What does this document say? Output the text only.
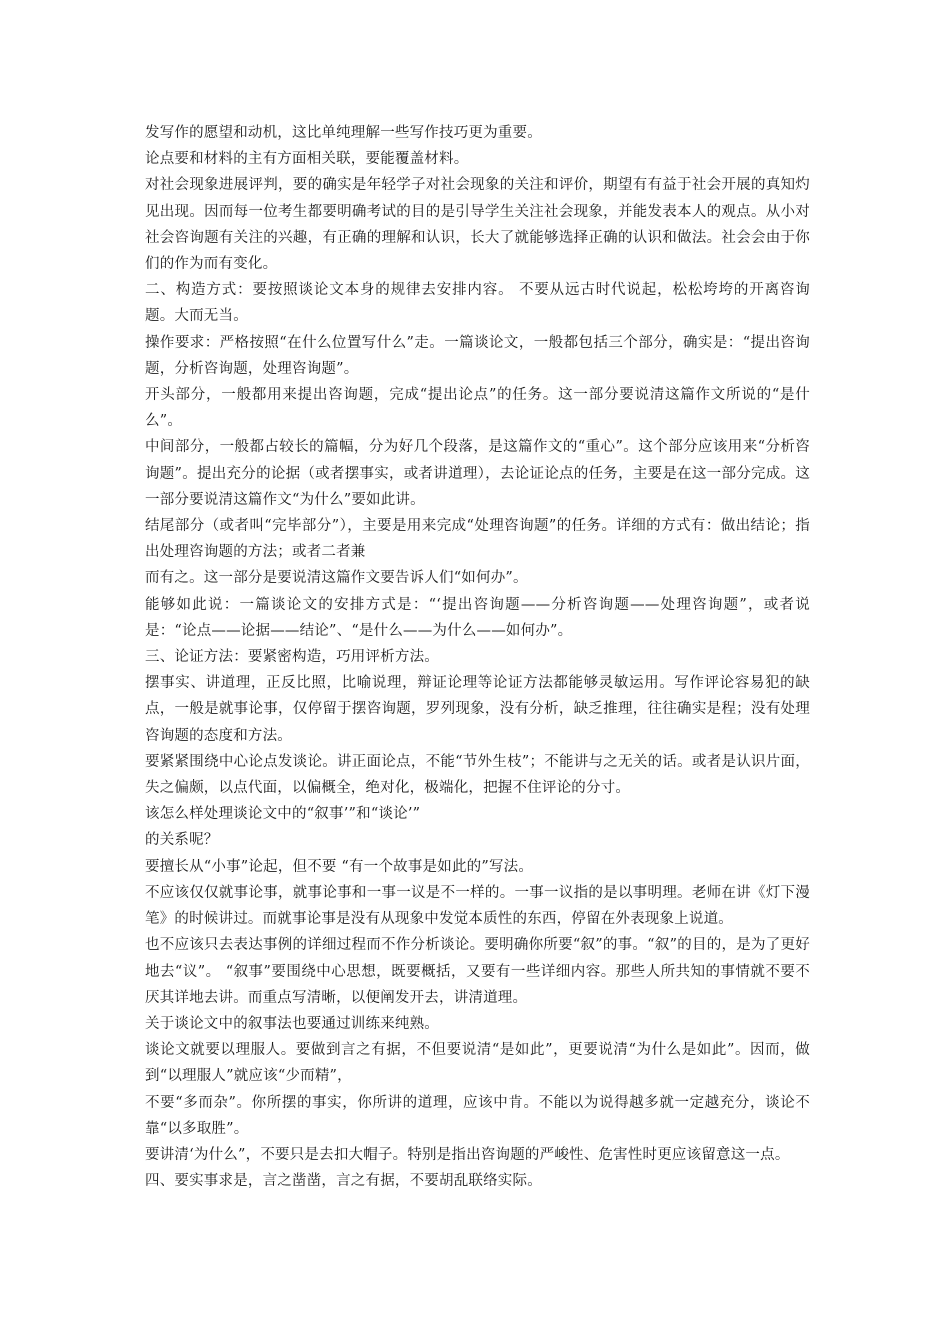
发写作的愿望和动机，这比单纯理解一些写作技巧更为重要。

论点要和材料的主有方面相关联，要能覆盖材料。

对社会现象进展评判，要的确实是年轻学子对社会现象的关注和评价，期望有有益于社会开展的真知灼见出现。因而每一位考生都要明确考试的目的是引导学生关注社会现象，并能发表本人的观点。从小对社会咨询题有关注的兴趣，有正确的理解和认识，长大了就能够选择正确的认识和做法。社会会由于你们的作为而有变化。

二、构造方式：要按照谈论文本身的规律去安排内容。 不要从远古时代说起，松松垮垮的开离咨询题。大而无当。

操作要求：严格按照“在什么位置写什么”走。一篇谈论文，一般都包括三个部分，确实是：“提出咨询题，分析咨询题，处理咨询题”。

开头部分，一般都用来提出咨询题，完成“提出论点”的任务。这一部分要说清这篇作文所说的“是什么”。

中间部分，一般都占较长的篇幅，分为好几个段落，是这篇作文的“重心”。这个部分应该用来“分析咨询题”。提出充分的论据（或者摆事实，或者讲道理），去论证论点的任务，主要是在这一部分完成。这一部分要说清这篇作文“为什么”要如此讲。

结尾部分（或者叫“完毕部分”），主要是用来完成“处理咨询题”的任务。详细的方式有：做出结论；指出处理咨询题的方法；或者二者兼

而有之。这一部分是要说清这篇作文要告诉人们“如何办”。

能够如此说：一篇谈论文的安排方式是：“‘提出咨询题——分析咨询题——处理咨询题”，或者说是：“论点——论据——结论”、“是什么——为什么——如何办”。

三、论证方法：要紧密构造，巧用评析方法。

摆事实、讲道理，正反比照，比喻说理，辩证论理等论证方法都能够灵敏运用。写作评论容易犯的缺点，一般是就事论事，仅停留于摆咨询题，罗列现象，没有分析，缺乏推理，往往确实是程；没有处理咨询题的态度和方法。

要紧紧围绕中心论点发谈论。讲正面论点，不能“节外生枝”；不能讲与之无关的话。或者是认识片面，失之偏颇，以点代面，以偏概全，绝对化，极端化，把握不住评论的分寸。

该怎么样处理谈论文中的“叙事’”和“谈论’”

的关系呢？

要擅长从“小事”论起，但不要 “有一个故事是如此的”写法。

不应该仅仅就事论事，就事论事和一事一议是不一样的。一事一议指的是以事明理。老师在讲《灯下漫笔》的时候讲过。而就事论事是没有从现象中发觉本质性的东西，停留在外表现象上说道。

也不应该只去表达事例的详细过程而不作分析谈论。要明确你所要“叙”的事。“叙”的目的，是为了更好地去“议”。 “叙事”要围绕中心思想，既要概括，又要有一些详细内容。那些人所共知的事情就不要不厌其详地去讲。而重点写清晰，以便阐发开去，讲清道理。

关于谈论文中的叙事法也要通过训练来纯熟。

谈论文就要以理服人。要做到言之有据，不但要说清“是如此”，更要说清“为什么是如此”。因而，做到“以理服人”就应该“少而精”，

不要“多而杂”。你所摆的事实，你所讲的道理，应该中肯。不能以为说得越多就一定越充分，谈论不靠“以多取胜”。

要讲清‘为什么”，不要只是去扣大帽子。特别是指出咨询题的严峻性、危害性时更应该留意这一点。

四、要实事求是，言之凿凿，言之有据，不要胡乱联络实际。
